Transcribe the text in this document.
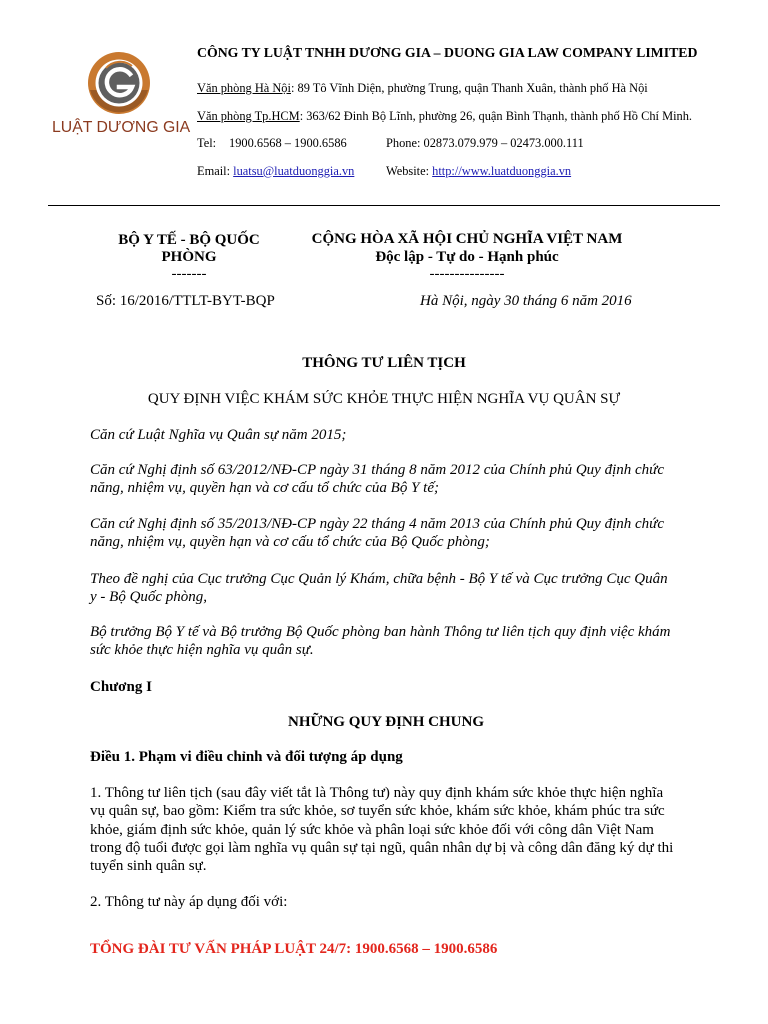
LUẬT DƯƠNG GIA
CÔNG TY LUẬT TNHH DƯƠNG GIA – DUONG GIA LAW COMPANY LIMITED
Văn phòng Hà Nội: 89 Tô Vĩnh Diện, phường Trung, quận Thanh Xuân, thành phố Hà Nội
Văn phòng Tp.HCM: 363/62 Đinh Bộ Lĩnh, phường 26, quận Bình Thạnh, thành phố Hồ Chí Minh.
Tel: 1900.6568 – 1900.6586	Phone: 02873.079.979 – 02473.000.111
Email: luatsu@luatduonggia.vn	Website: http://www.luatduonggia.vn
BỘ Y TẾ - BỘ QUỐC
PHÒNG
-------
CỘNG HÒA XÃ HỘI CHỦ NGHĨA VIỆT NAM
Độc lập - Tự do - Hạnh phúc
---------------
Số: 16/2016/TTLT-BYT-BQP	Hà Nội, ngày 30 tháng 6 năm 2016
THÔNG TƯ LIÊN TỊCH
QUY ĐỊNH VIỆC KHÁM SỨC KHỎE THỰC HIỆN NGHĨA VỤ QUÂN SỰ
Căn cứ Luật Nghĩa vụ Quân sự năm 2015;
Căn cứ Nghị định số 63/2012/NĐ-CP ngày 31 tháng 8 năm 2012 của Chính phủ Quy định chức
năng, nhiệm vụ, quyền hạn và cơ cấu tổ chức của Bộ Y tế;
Căn cứ Nghị định số 35/2013/NĐ-CP ngày 22 tháng 4 năm 2013 của Chính phủ Quy định chức
năng, nhiệm vụ, quyền hạn và cơ cấu tổ chức của Bộ Quốc phòng;
Theo đề nghị của Cục trưởng Cục Quản lý Khám, chữa bệnh - Bộ Y tế và Cục trưởng Cục Quân
y - Bộ Quốc phòng,
Bộ trưởng Bộ Y tế và Bộ trưởng Bộ Quốc phòng ban hành Thông tư liên tịch quy định việc khám
sức khỏe thực hiện nghĩa vụ quân sự.
Chương I
NHỮNG QUY ĐỊNH CHUNG
Điều 1. Phạm vi điều chỉnh và đối tượng áp dụng
1. Thông tư liên tịch (sau đây viết tắt là Thông tư) này quy định khám sức khỏe thực hiện nghĩa
vụ quân sự, bao gồm: Kiểm tra sức khỏe, sơ tuyển sức khỏe, khám sức khỏe, khám phúc tra sức
khỏe, giám định sức khỏe, quản lý sức khỏe và phân loại sức khỏe đối với công dân Việt Nam
trong độ tuổi được gọi làm nghĩa vụ quân sự tại ngũ, quân nhân dự bị và công dân đăng ký dự thi
tuyển sinh quân sự.
2. Thông tư này áp dụng đối với:
TỔNG ĐÀI TƯ VẤN PHÁP LUẬT 24/7: 1900.6568 – 1900.6586
